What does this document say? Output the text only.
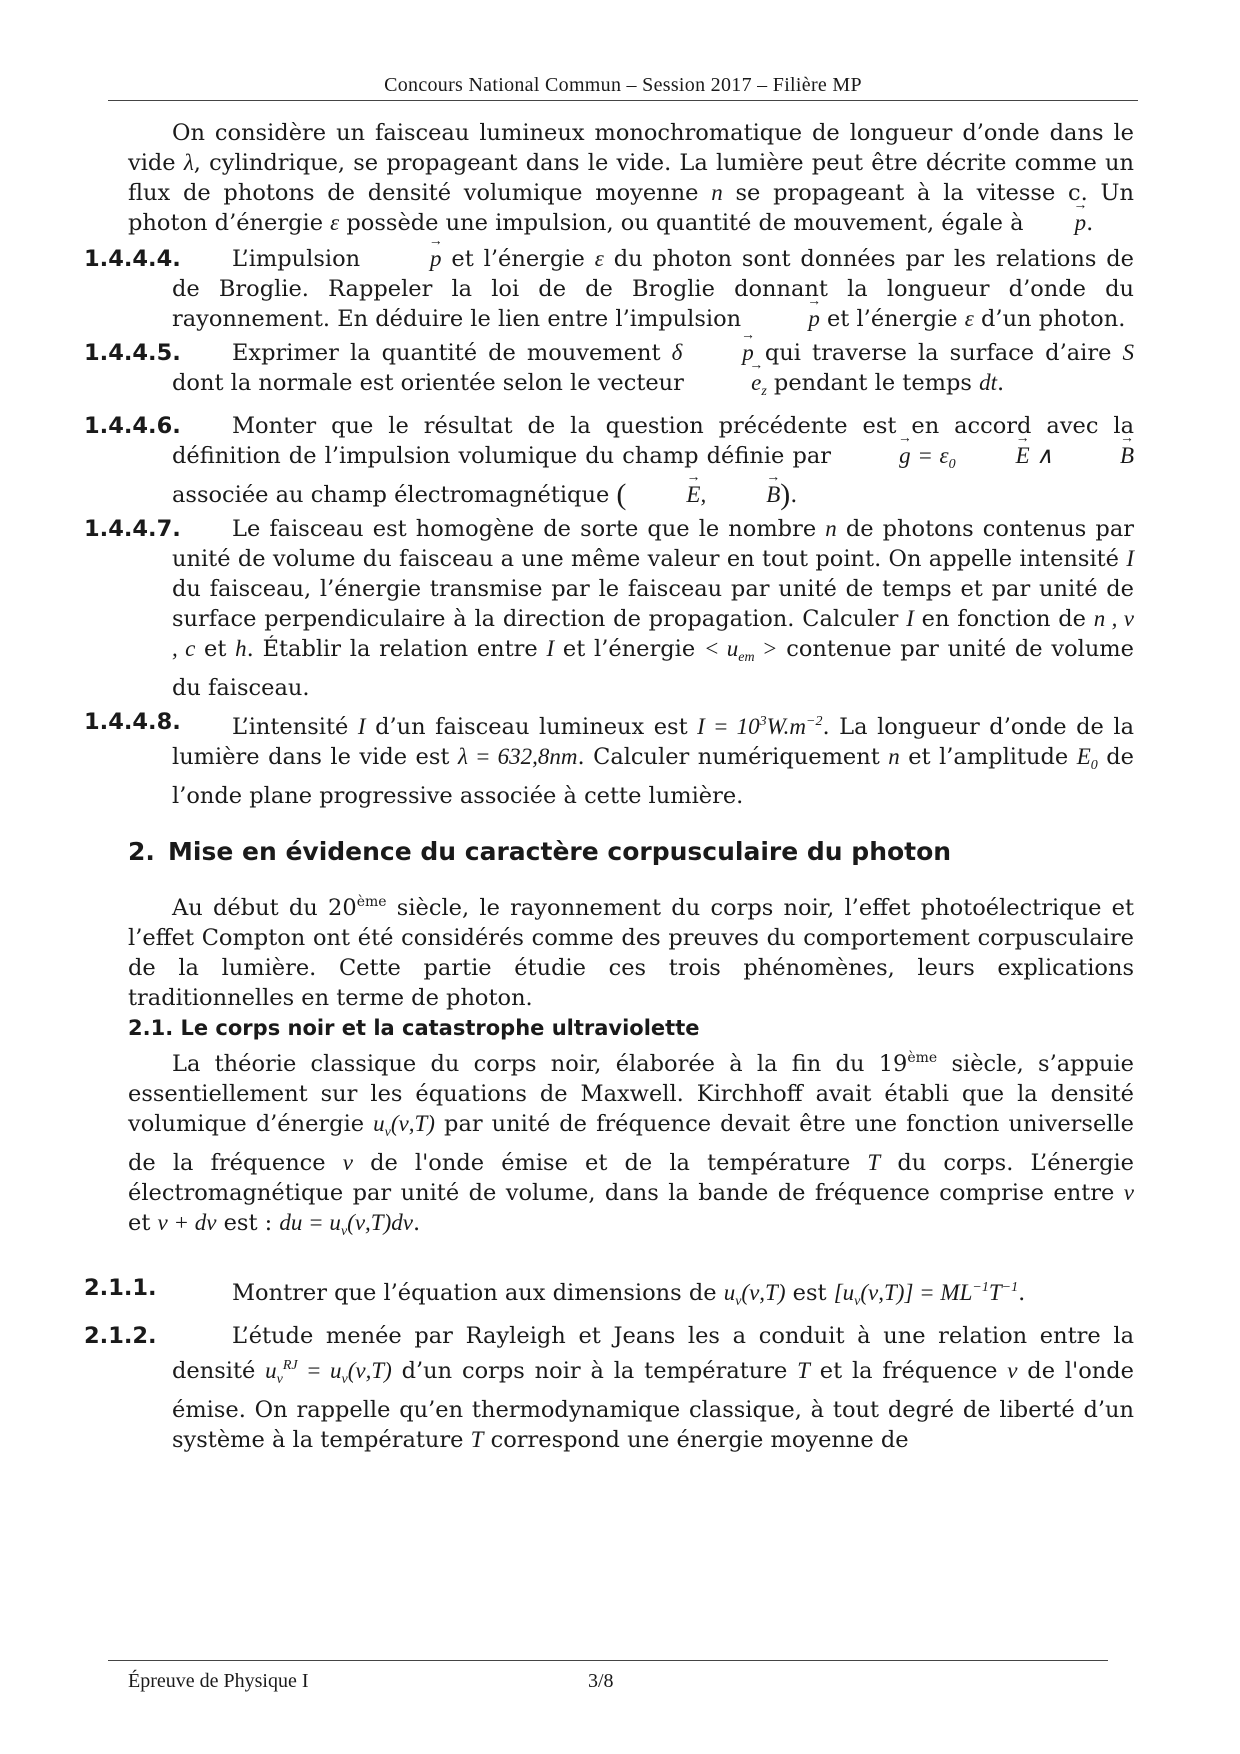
Concours National Commun – Session 2017 – Filière MP

On considère un faisceau lumineux monochromatique de longueur d’onde dans le vide λ, cylindrique, se propageant dans le vide. La lumière peut être décrite comme un flux de photons de densité volumique moyenne n se propageant à la vitesse c. Un photon d’énergie ε possède une impulsion, ou quantité de mouvement, égale à → p.

1.4.4.4.	L’impulsion →	p et l’énergie ε du photon sont données par les relations de de Broglie. Rappeler la loi de de Broglie donnant la longueur d’onde du rayonnement. En déduire le lien entre l’impulsion →	p et l’énergie ε d’un photon.
1.4.4.5.	Exprimer la quantité de mouvement δ→	p qui traverse la surface d’aire S dont la normale est orientée selon le vecteur →	$e_z$ pendant le temps dt.
1.4.4.6.	Monter que le résultat de la question précédente est en accord avec la définition de l’impulsion volumique du champ définie par →	$g = \varepsilon_0\to$	E ∧ →	B associée au champ électromagnétique (→	E,→	B).
1.4.4.7.	Le faisceau est homogène de sorte que le nombre n de photons contenus par unité de volume du faisceau a une même valeur en tout point. On appelle intensité I du faisceau, l’énergie transmise par le faisceau par unité de temps et par unité de surface perpendiculaire à la direction de propagation. Calculer I en fonction de n , ν , c et h. Établir la relation entre I et l’énergie < $u_{em}$ > contenue par unité de volume du faisceau.
1.4.4.8.	L’intensité I d’un faisceau lumineux est $I = 10^3W.m^{-2}$. La longueur d’onde de la lumière dans le vide est λ = 632,8nm. Calculer numériquement n et l’amplitude $E_0$ de l’onde plane progressive associée à cette lumière.
2. Mise en évidence du caractère corpusculaire du photon

Au début du 20ème siècle, le rayonnement du corps noir, l’effet photoélectrique et l’effet Compton ont été considérés comme des preuves du comportement corpusculaire de la lumière. Cette partie étudie ces trois phénomènes, leurs explications traditionnelles en terme de photon.

2.1. Le corps noir et la catastrophe ultraviolette

La théorie classique du corps noir, élaborée à la fin du 19ème siècle, s’appuie essentiellement sur les équations de Maxwell. Kirchhoff avait établi que la densité volumique d’énergie $u_\nu(\nu,T)$ par unité de fréquence devait être une fonction universelle de la fréquence ν de l'onde émise et de la température T du corps. L’énergie électromagnétique par unité de volume, dans la bande de fréquence comprise entre ν et ν + dν est : du = $u_\nu(\nu,T)d\nu$.

2.1.1.	Montrer que l’équation aux dimensions de $u_\nu(\nu,T)$ est $[u_\nu(\nu,T)] = ML^{-1}T^{-1}$.
2.1.2.	L’étude menée par Rayleigh et Jeans les a conduit à une relation entre la densité $u_\nu^{RJ} = u_\nu(\nu,T)$ d’un corps noir à la température T et la fréquence ν de l'onde émise. On rappelle qu’en thermodynamique classique, à tout degré de liberté d’un système à la température T correspond une énergie moyenne de
Épreuve de Physique I	3/8
